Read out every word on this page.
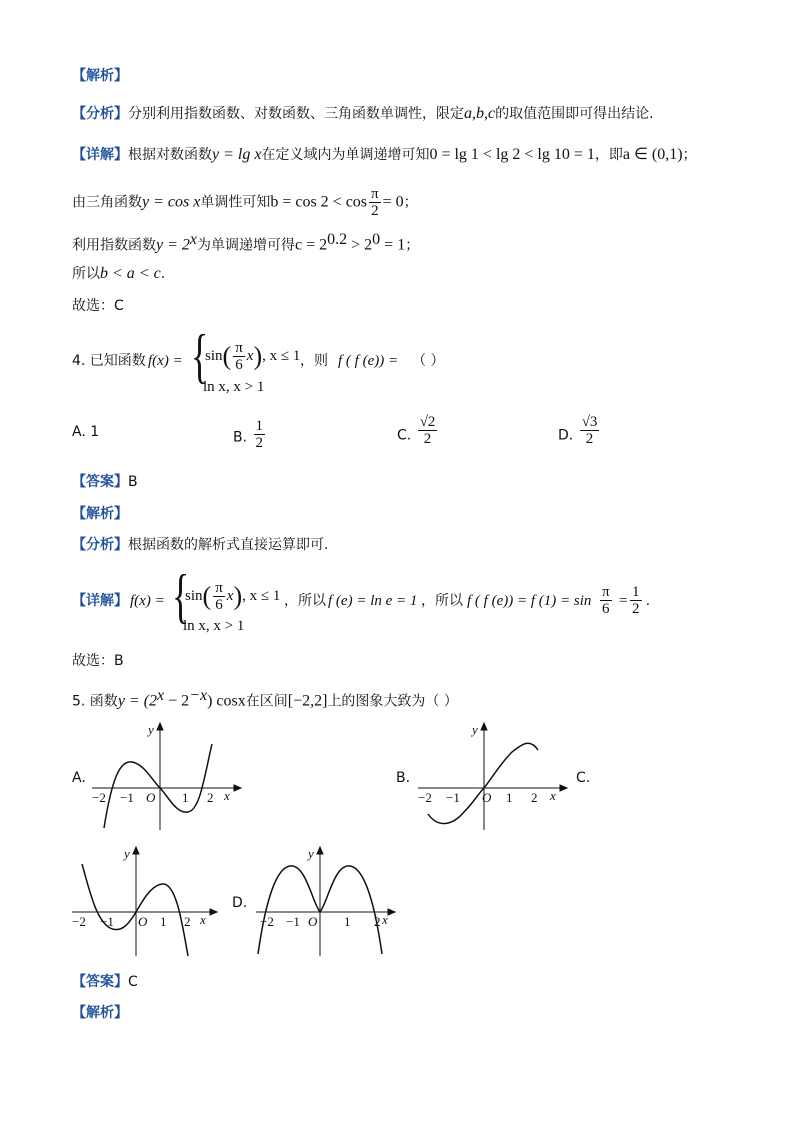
【解析】
【分析】分别利用指数函数、对数函数、三角函数单调性，限定a,b,c的取值范围即可得出结论.
【详解】根据对数函数y = lg x在定义域内为单调递增可知0 = lg 1 < lg 2 < lg 10 = 1，即a ∈ (0,1)；
由三角函数y = cos x单调性可知$b = \cos 2 < \cos \frac{\pi}{2} = 0$；
利用指数函数$y = 2^x$为单调递增可得$c = 2^{0.2} > 2^0 = 1$；
所以b < a < c.
故选：C
4. 已知函数 f(x) = {
$\sin( \frac{\pi}{6} x)$, x ≤ 1
ln x, x > 1
，则 f ( f (e)) = （ ）
A. 1	B. $\frac{1}{2}$	C. $\frac{√2}{2}$	D. $\frac{√3}{2}$
【答案】B
【解析】
【分析】根据函数的解析式直接运算即可.
【详解】 f(x) = {
$\sin( \frac{\pi}{6} x)$, x ≤ 1
ln x, x > 1
，所以 f (e) = ln e = 1 ，所以 f ( f (e)) = f $(1) = \sin \frac{\pi}{6} = \frac{1}{2}$ .
故选：B
5. 函数$y = (2^x - 2^{-x})$ cosx在区间[−2,2]上的图象大致为（ ）
A.	B.	C.
D.
y
x
O
−2 −1	1 2
y
x
O
−2 −1	1 2
y
x
O
−2 −1	1 2
y
x
O
−2 −1	1 2
【答案】C
【解析】
